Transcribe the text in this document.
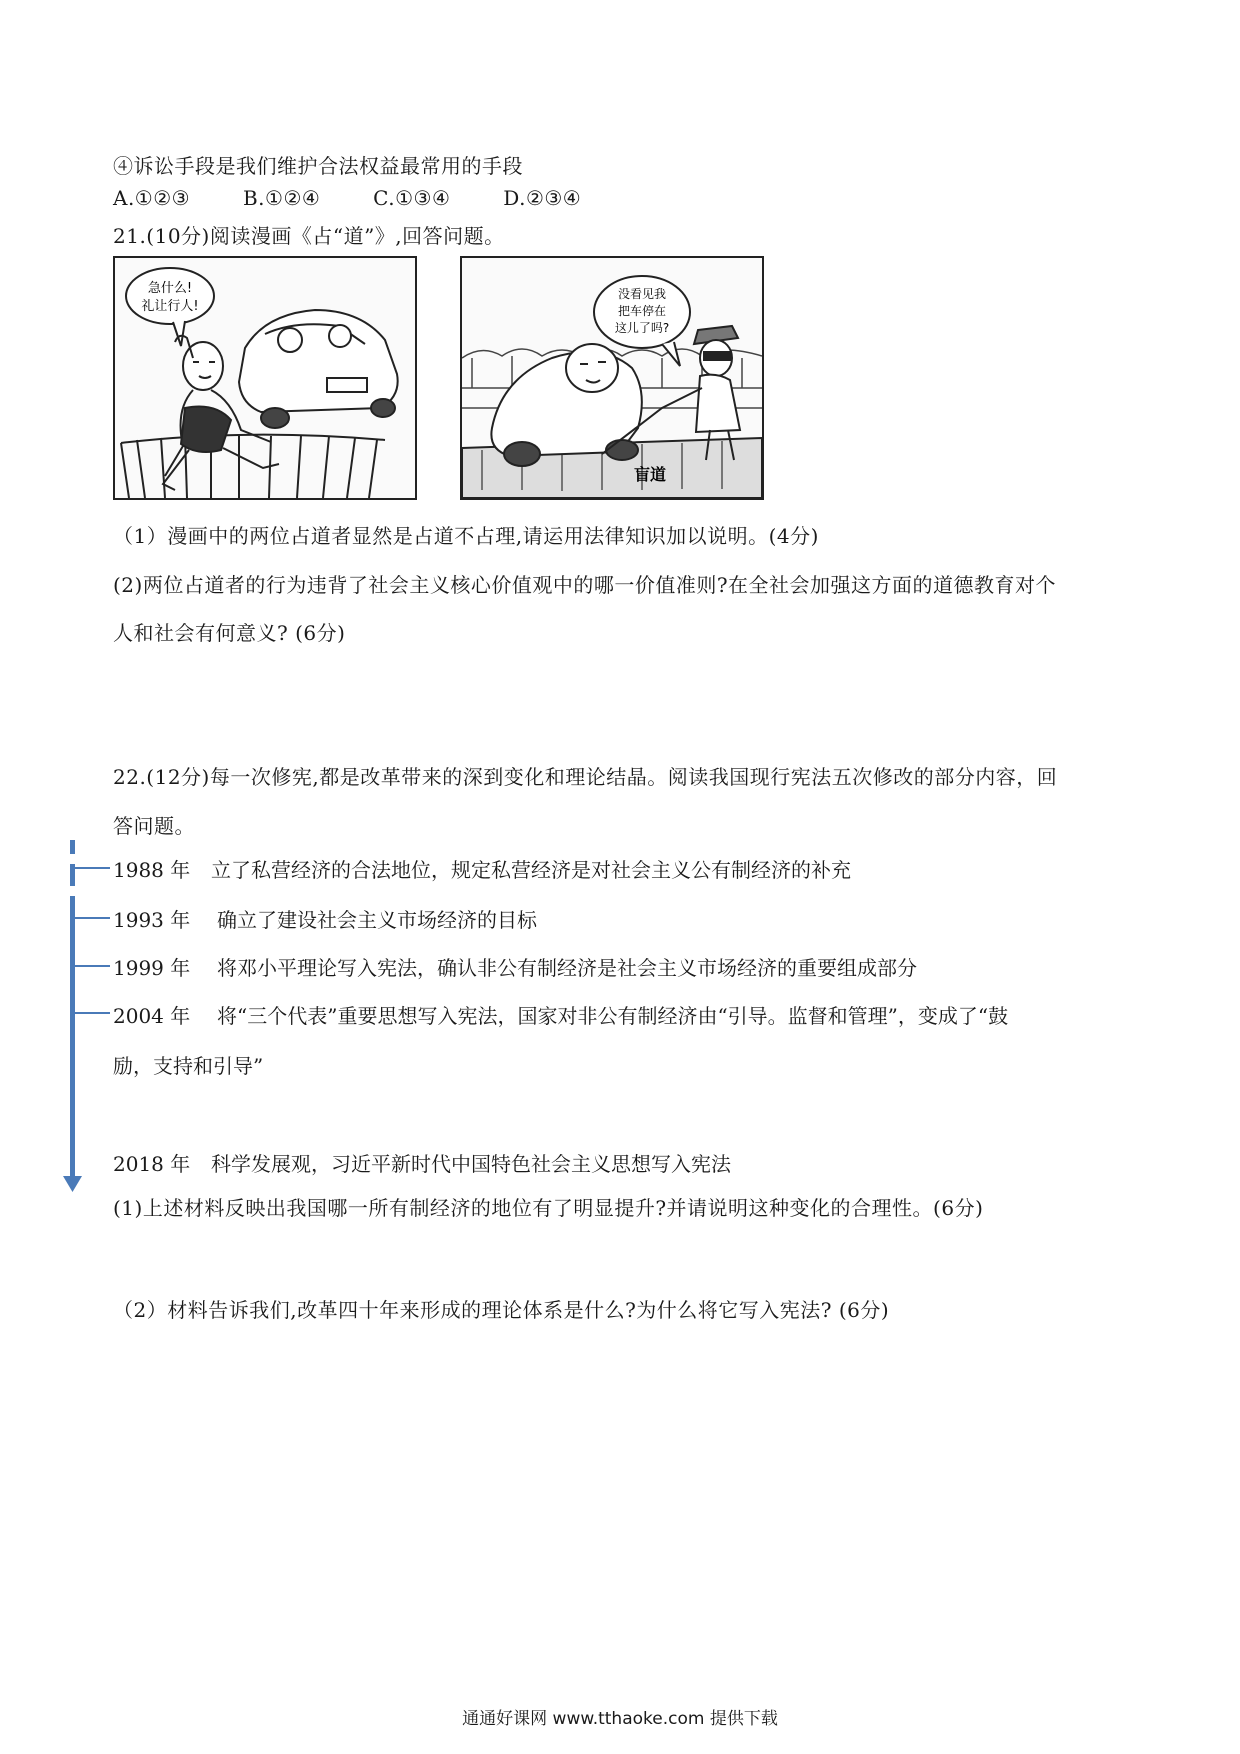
④诉讼手段是我们维护合法权益最常用的手段
A.①②③	B.①②④	C.①③④	D.②③④
21.(10分)阅读漫画《占“道”》,回答问题。
急什么!
礼让行人!
盲道
没看见我
把车停在
这儿了吗?
（1）漫画中的两位占道者显然是占道不占理,请运用法律知识加以说明。(4分)
(2)两位占道者的行为违背了社会主义核心价值观中的哪一价值准则?在全社会加强这方面的道德教育对个
人和社会有何意义? (6分)
22.(12分)每一次修宪,都是改革带来的深到变化和理论结晶。阅读我国现行宪法五次修改的部分内容，回
答问题。
1988 年 立了私营经济的合法地位，规定私营经济是对社会主义公有制经济的补充
1993 年 确立了建设社会主义市场经济的目标
1999 年 将邓小平理论写入宪法，确认非公有制经济是社会主义市场经济的重要组成部分
2004 年 将“三个代表”重要思想写入宪法，国家对非公有制经济由“引导。监督和管理”，变成了“鼓
励，支持和引导”
2018 年 科学发展观，习近平新时代中国特色社会主义思想写入宪法
(1)上述材料反映出我国哪一所有制经济的地位有了明显提升?并请说明这种变化的合理性。(6分)
（2）材料告诉我们,改革四十年来形成的理论体系是什么?为什么将它写入宪法? (6分)
通通好课网 www.tthaoke.com 提供下载
